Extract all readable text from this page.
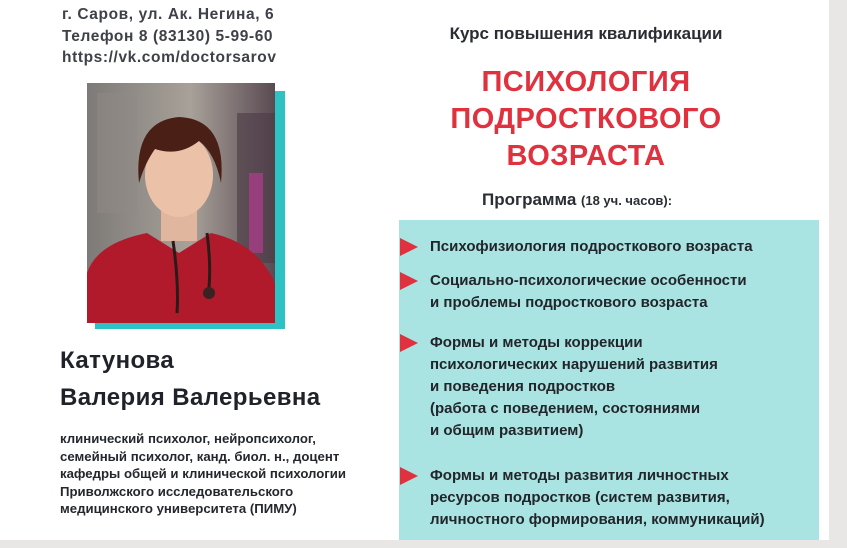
г. Саров, ул. Ак. Негина, 6
Телефон 8 (83130) 5-99-60
https://vk.com/doctorsarov
Катунова
Валерия Валерьевна
клинический психолог, нейропсихолог,
семейный психолог, канд. биол. н., доцент
кафедры общей и клинической психологии
Приволжского исследовательского
медицинского университета (ПИМУ)
Курс повышения квалификации
ПСИХОЛОГИЯ
ПОДРОСТКОВОГО
ВОЗРАСТА
Программа (18 уч. часов):
Психофизиология подросткового возраста
Социально-психологические особенности
и проблемы подросткового возраста
Формы и методы коррекции
психологических нарушений развития
и поведения подростков
(работа с поведением, состояниями
и общим развитием)
Формы и методы развития личностных
ресурсов подростков (систем развития,
личностного формирования, коммуникаций)
